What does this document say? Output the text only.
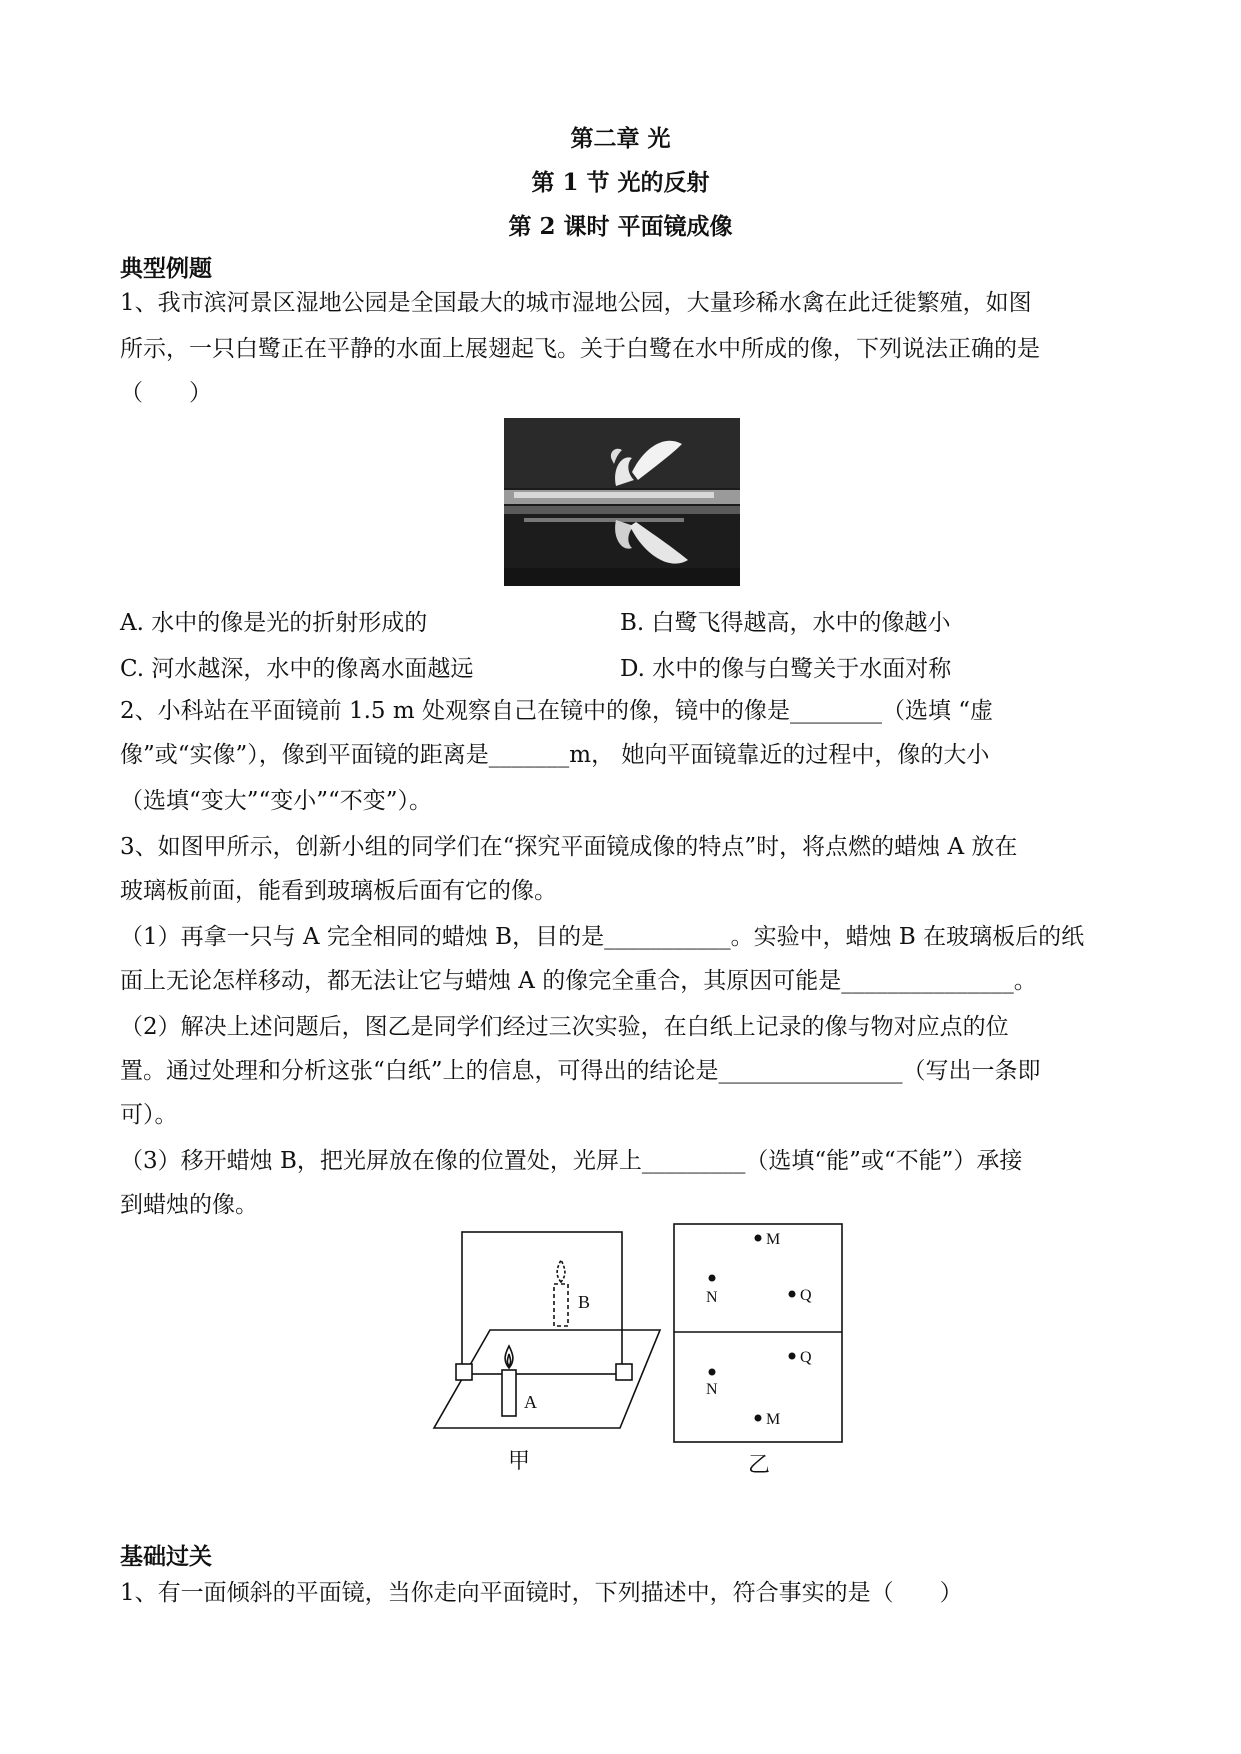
第二章 光
第 1 节 光的反射
第 2 课时 平面镜成像
典型例题
1、我市滨河景区湿地公园是全国最大的城市湿地公园，大量珍稀水禽在此迁徙繁殖，如图
所示，一只白鹭正在平静的水面上展翅起飞。关于白鹭在水中所成的像，下列说法正确的是
（　　）
A. 水中的像是光的折射形成的	B. 白鹭飞得越高，水中的像越小
C. 河水越深，水中的像离水面越远	D. 水中的像与白鹭关于水面对称
2、小科站在平面镜前 1.5 m 处观察自己在镜中的像，镜中的像是________（选填 “虚
像”或“实像”），像到平面镜的距离是_______m， 她向平面镜靠近的过程中，像的大小
（选填“变大”“变小”“不变”）。
3、如图甲所示，创新小组的同学们在“探究平面镜成像的特点”时，将点燃的蜡烛 A 放在
玻璃板前面，能看到玻璃板后面有它的像。
（1）再拿一只与 A 完全相同的蜡烛 B，目的是___________。实验中，蜡烛 B 在玻璃板后的纸
面上无论怎样移动，都无法让它与蜡烛 A 的像完全重合，其原因可能是_______________。
（2）解决上述问题后，图乙是同学们经过三次实验，在白纸上记录的像与物对应点的位
置。通过处理和分析这张“白纸”上的信息，可得出的结论是________________（写出一条即
可）。
（3）移开蜡烛 B，把光屏放在像的位置处，光屏上_________（选填“能”或“不能”）承接
到蜡烛的像。
B
A
甲
M
N	Q
Q
N
M
乙
基础过关
1、有一面倾斜的平面镜，当你走向平面镜时，下列描述中，符合事实的是（　　）
